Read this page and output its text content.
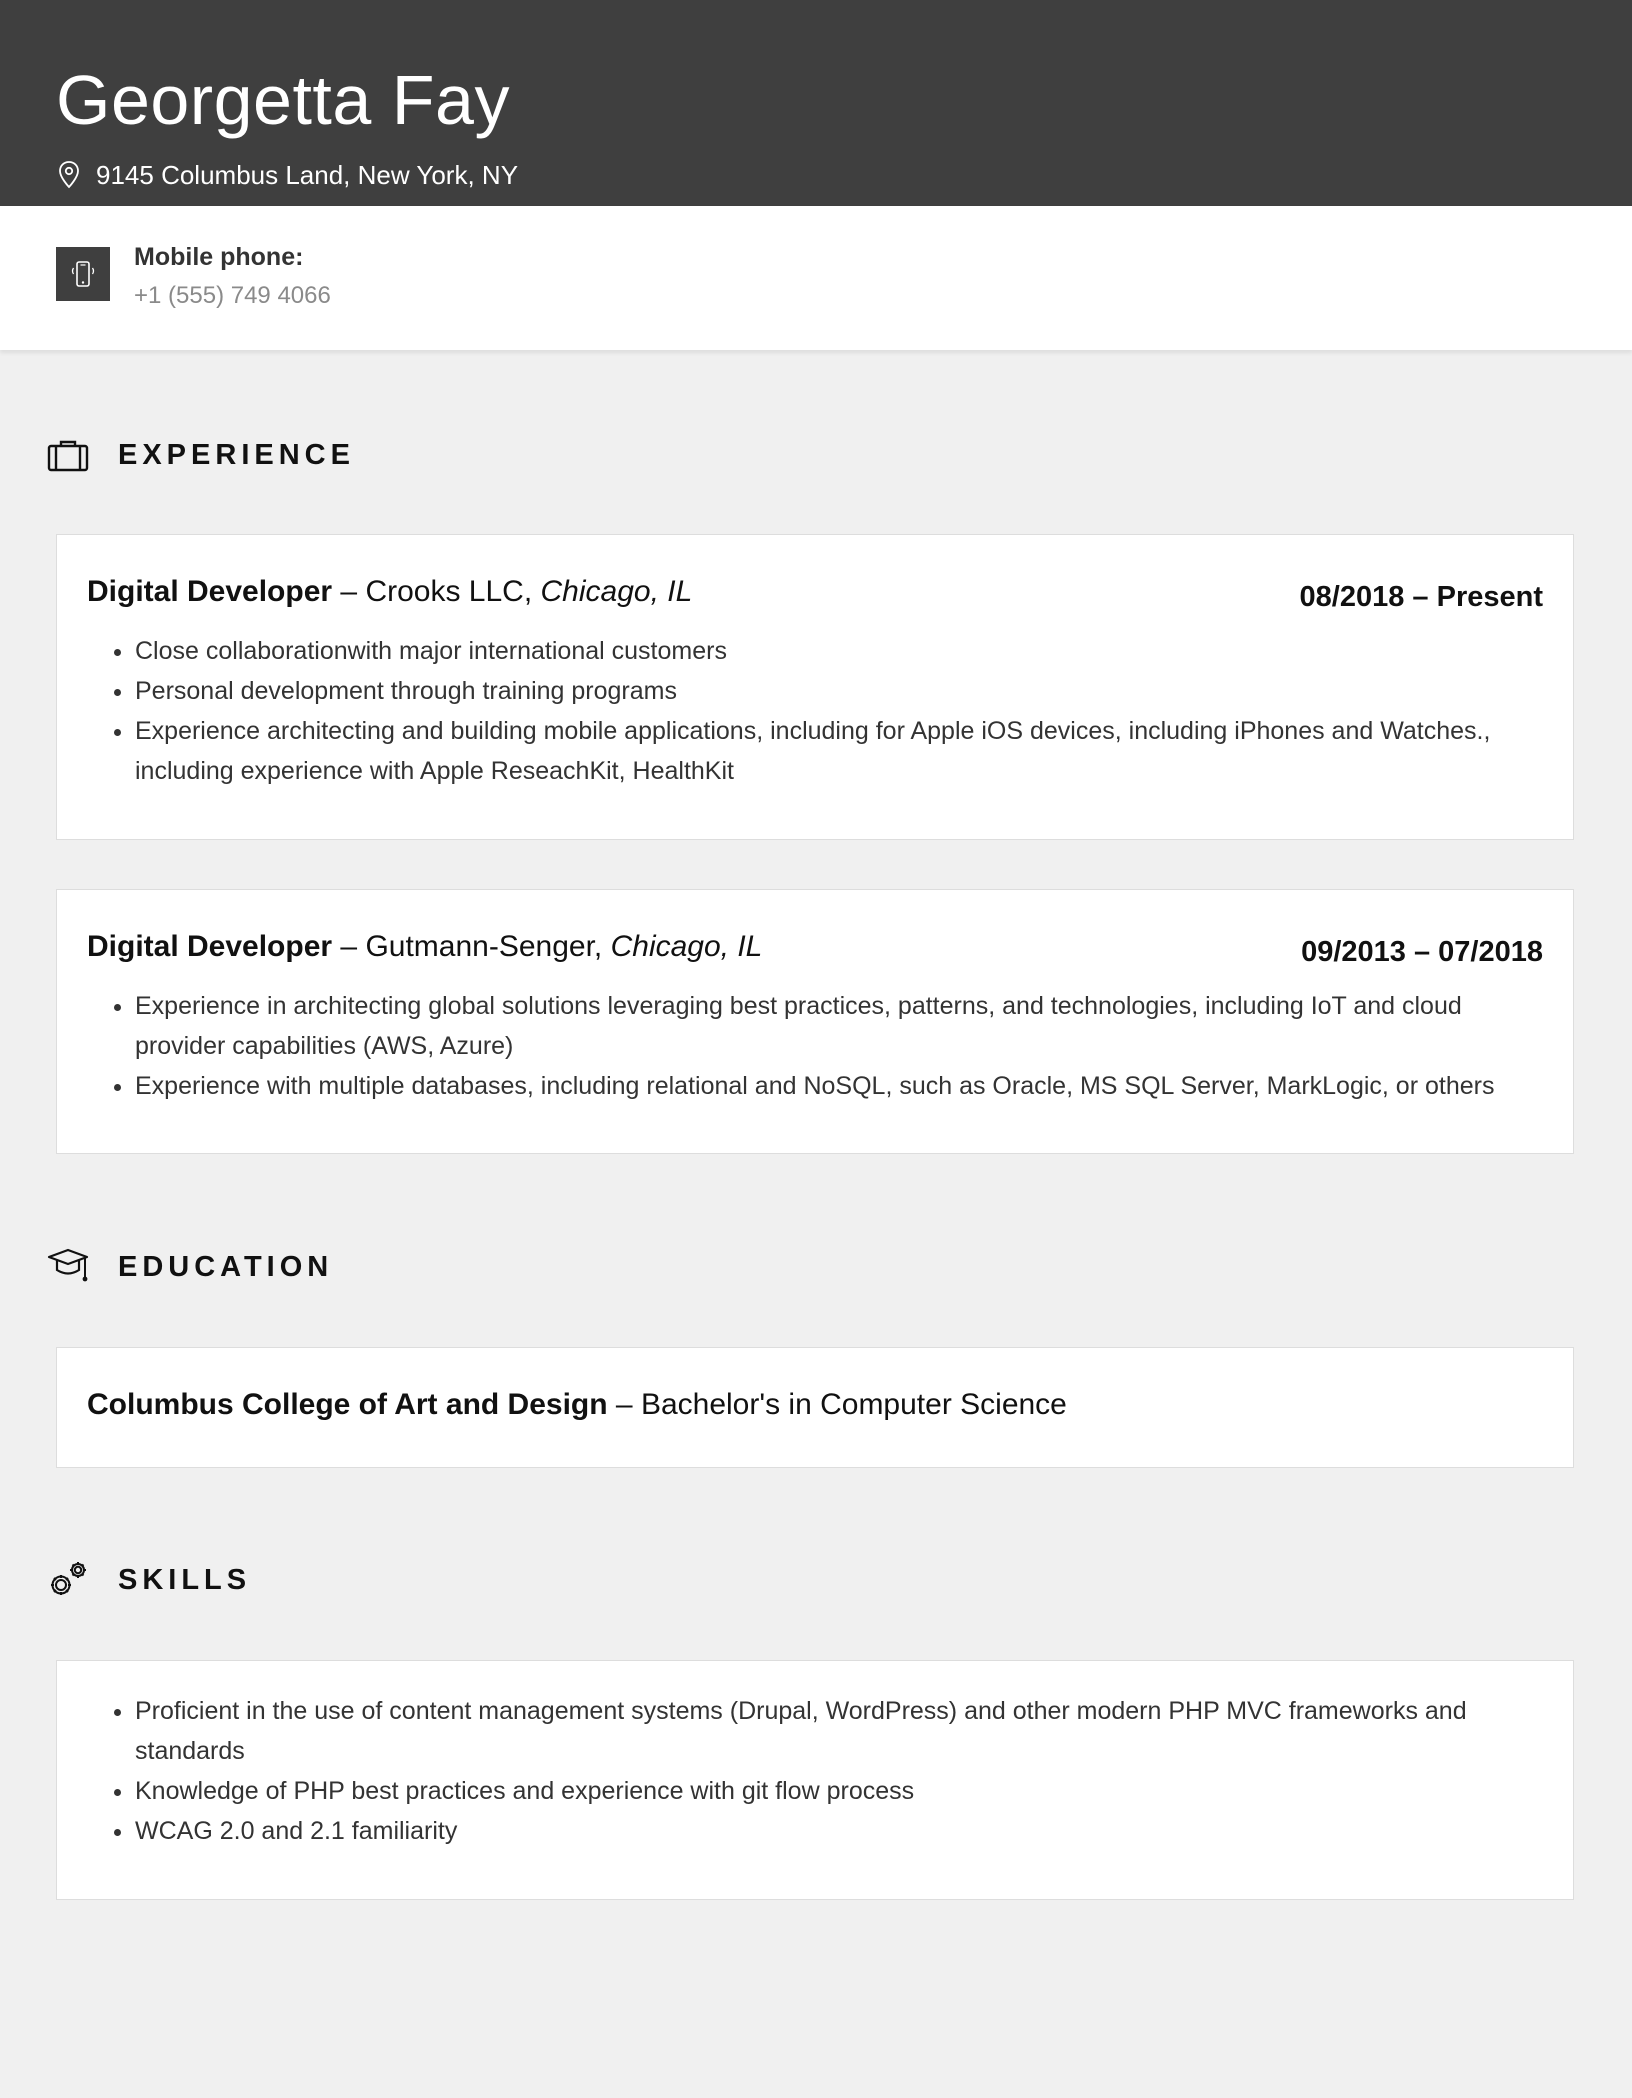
Georgetta Fay
9145 Columbus Land, New York, NY
Mobile phone:
+1 (555) 749 4066
EXPERIENCE
Digital Developer – Crooks LLC, Chicago, IL	08/2018 – Present
• Close collaborationwith major international customers
• Personal development through training programs
• Experience architecting and building mobile applications, including for Apple iOS devices, including iPhones and Watches., including experience with Apple ReseachKit, HealthKit
Digital Developer – Gutmann-Senger, Chicago, IL	09/2013 – 07/2018
• Experience in architecting global solutions leveraging best practices, patterns, and technologies, including IoT and cloud provider capabilities (AWS, Azure)
• Experience with multiple databases, including relational and NoSQL, such as Oracle, MS SQL Server, MarkLogic, or others
EDUCATION
Columbus College of Art and Design – Bachelor's in Computer Science
SKILLS
• Proficient in the use of content management systems (Drupal, WordPress) and other modern PHP MVC frameworks and standards
• Knowledge of PHP best practices and experience with git flow process
• WCAG 2.0 and 2.1 familiarity
